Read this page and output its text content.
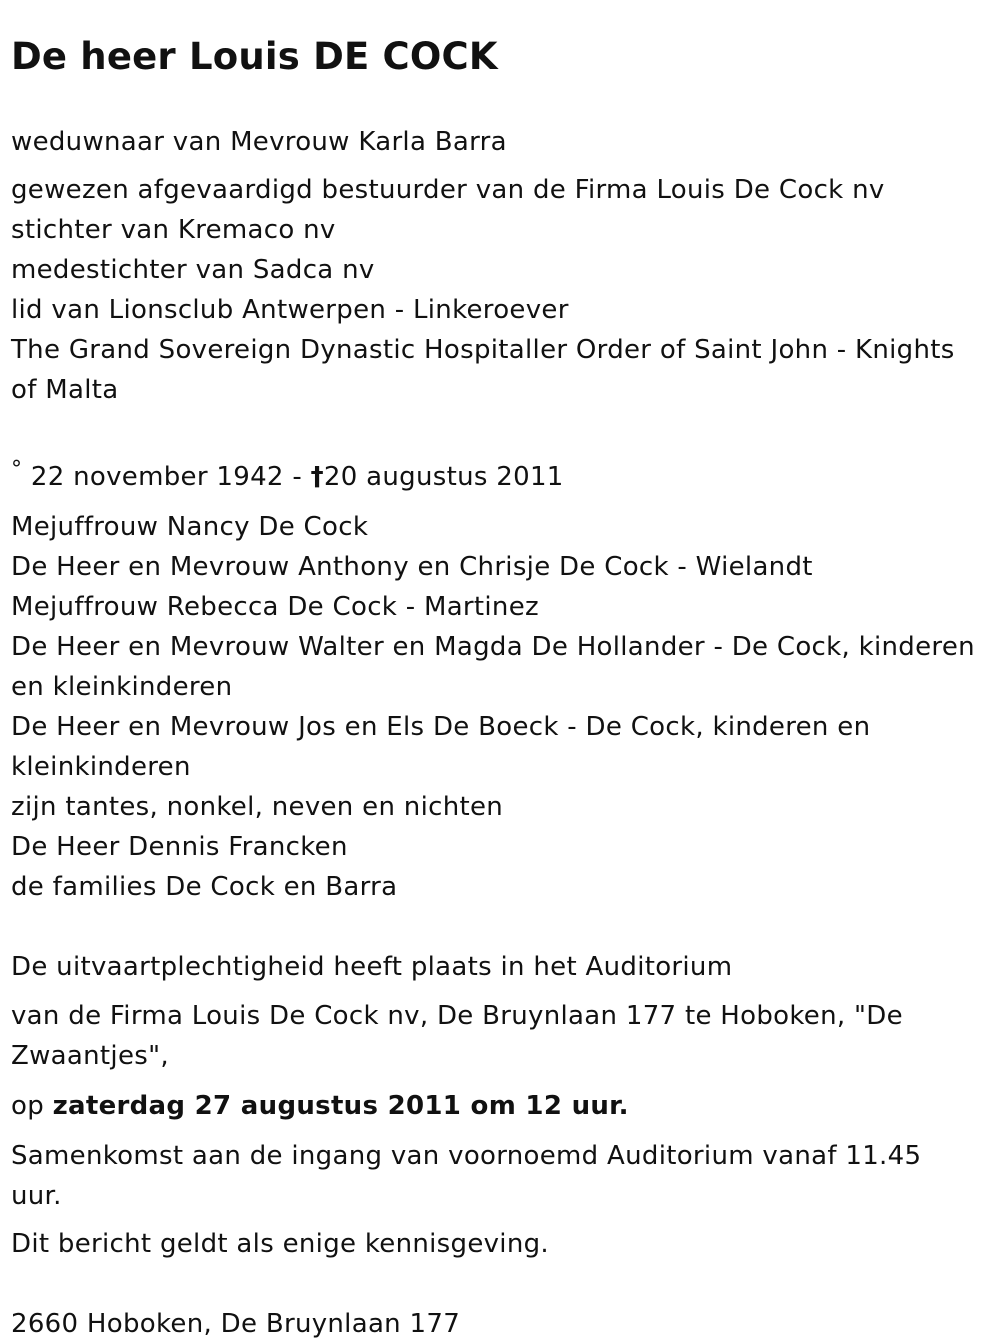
De heer Louis DE COCK

weduwnaar van Mevrouw Karla Barra

gewezen afgevaardigd bestuurder van de Firma Louis De Cock nv
stichter van Kremaco nv
medestichter van Sadca nv
lid van Lionsclub Antwerpen - Linkeroever
The Grand Sovereign Dynastic Hospitaller Order of Saint John - Knights of Malta

° 22 november 1942 - †20 augustus 2011

Mejuffrouw Nancy De Cock
De Heer en Mevrouw Anthony en Chrisje De Cock - Wielandt
Mejuffrouw Rebecca De Cock - Martinez
De Heer en Mevrouw Walter en Magda De Hollander - De Cock, kinderen en kleinkinderen
De Heer en Mevrouw Jos en Els De Boeck - De Cock, kinderen en kleinkinderen
zijn tantes, nonkel, neven en nichten
De Heer Dennis Francken
de families De Cock en Barra

De uitvaartplechtigheid heeft plaats in het Auditorium

van de Firma Louis De Cock nv, De Bruynlaan 177 te Hoboken, "De Zwaantjes",

op zaterdag 27 augustus 2011 om 12 uur.

Samenkomst aan de ingang van voornoemd Auditorium vanaf 11.45 uur.

Dit bericht geldt als enige kennisgeving.

2660 Hoboken, De Bruynlaan 177
